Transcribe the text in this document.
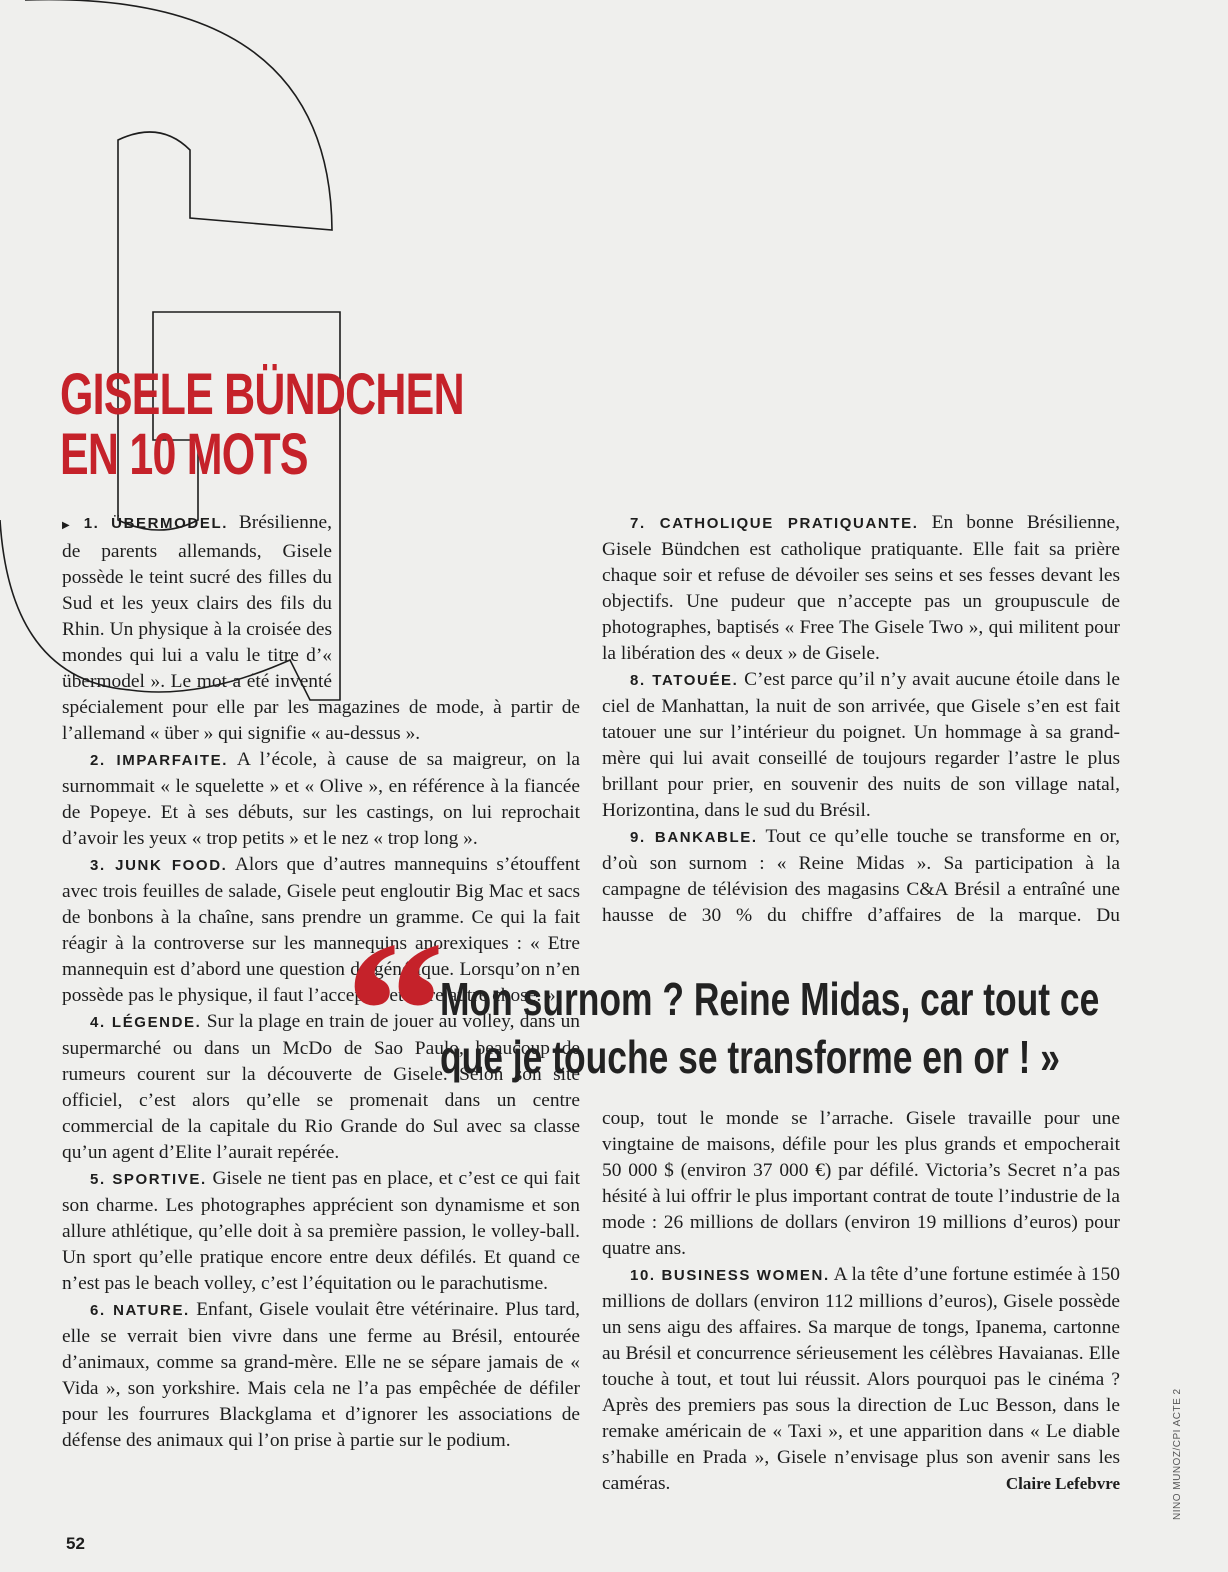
GISELE BÜNDCHEN
EN 10 MOTS

▶ 1. ÜBERMODEL. Brésilienne, de parents allemands, Gisele possède le teint sucré des filles du Sud et les yeux clairs des fils du Rhin. Un physique à la croisée des mondes qui lui a valu le titre d’« übermodel ». Le mot a été inventé spécialement pour elle par les magazines de mode, à partir de l’allemand « über » qui signifie « au-dessus ».

2. IMPARFAITE. A l’école, à cause de sa maigreur, on la surnommait « le squelette » et « Olive », en référence à la fiancée de Popeye. Et à ses débuts, sur les castings, on lui reprochait d’avoir les yeux « trop petits » et le nez « trop long ».

3. JUNK FOOD. Alors que d’autres mannequins s’étouffent avec trois feuilles de salade, Gisele peut engloutir Big Mac et sacs de bonbons à la chaîne, sans prendre un gramme. Ce qui la fait réagir à la controverse sur les mannequins anorexiques : « Etre mannequin est d’abord une question de génétique. Lorsqu’on n’en possède pas le physique, il faut l’accepter et faire autre chose. »

4. LÉGENDE. Sur la plage en train de jouer au volley, dans un supermarché ou dans un McDo de Sao Paulo, beaucoup de rumeurs courent sur la découverte de Gisele. Selon son site officiel, c’est alors qu’elle se promenait dans un centre commercial de la capitale du Rio Grande do Sul avec sa classe qu’un agent d’Elite l’aurait repérée.

5. SPORTIVE. Gisele ne tient pas en place, et c’est ce qui fait son charme. Les photographes apprécient son dynamisme et son allure athlétique, qu’elle doit à sa première passion, le volley-ball. Un sport qu’elle pratique encore entre deux défilés. Et quand ce n’est pas le beach volley, c’est l’équitation ou le parachutisme.

6. NATURE. Enfant, Gisele voulait être vétérinaire. Plus tard, elle se verrait bien vivre dans une ferme au Brésil, entourée d’animaux, comme sa grand-mère. Elle ne se sépare jamais de « Vida », son yorkshire. Mais cela ne l’a pas empêchée de défiler pour les fourrures Blackglama et d’ignorer les associations de défense des animaux qui l’on prise à partie sur le podium.

7. CATHOLIQUE PRATIQUANTE. En bonne Brésilienne, Gisele Bündchen est catholique pratiquante. Elle fait sa prière chaque soir et refuse de dévoiler ses seins et ses fesses devant les objectifs. Une pudeur que n’accepte pas un groupuscule de photographes, baptisés « Free The Gisele Two », qui militent pour la libération des « deux » de Gisele.

8. TATOUÉE. C’est parce qu’il n’y avait aucune étoile dans le ciel de Manhattan, la nuit de son arrivée, que Gisele s’en est fait tatouer une sur l’intérieur du poignet. Un hommage à sa grand-mère qui lui avait conseillé de toujours regarder l’astre le plus brillant pour prier, en souvenir des nuits de son village natal, Horizontina, dans le sud du Brésil.

9. BANKABLE. Tout ce qu’elle touche se transforme en or, d’où son surnom : « Reine Midas ». Sa participation à la campagne de télévision des magasins C&A Brésil a entraîné une hausse de 30 % du chiffre d’affaires de la marque. Du

“ Mon surnom ? Reine Midas, car tout ce
que je touche se transforme en or ! »

coup, tout le monde se l’arrache. Gisele travaille pour une vingtaine de maisons, défile pour les plus grands et empocherait 50 000 $ (environ 37 000 €) par défilé. Victoria’s Secret n’a pas hésité à lui offrir le plus important contrat de toute l’industrie de la mode : 26 millions de dollars (environ 19 millions d’euros) pour quatre ans.

10. BUSINESS WOMEN. A la tête d’une fortune estimée à 150 millions de dollars (environ 112 millions d’euros), Gisele possède un sens aigu des affaires. Sa marque de tongs, Ipanema, cartonne au Brésil et concurrence sérieusement les célèbres Havaianas. Elle touche à tout, et tout lui réussit. Alors pourquoi pas le cinéma ? Après des premiers pas sous la direction de Luc Besson, dans le remake américain de « Taxi », et une apparition dans « Le diable s’habille en Prada », Gisele n’envisage plus son avenir sans les caméras.	Claire Lefebvre

52

NINO MUNOZ/CPI ACTE 2
